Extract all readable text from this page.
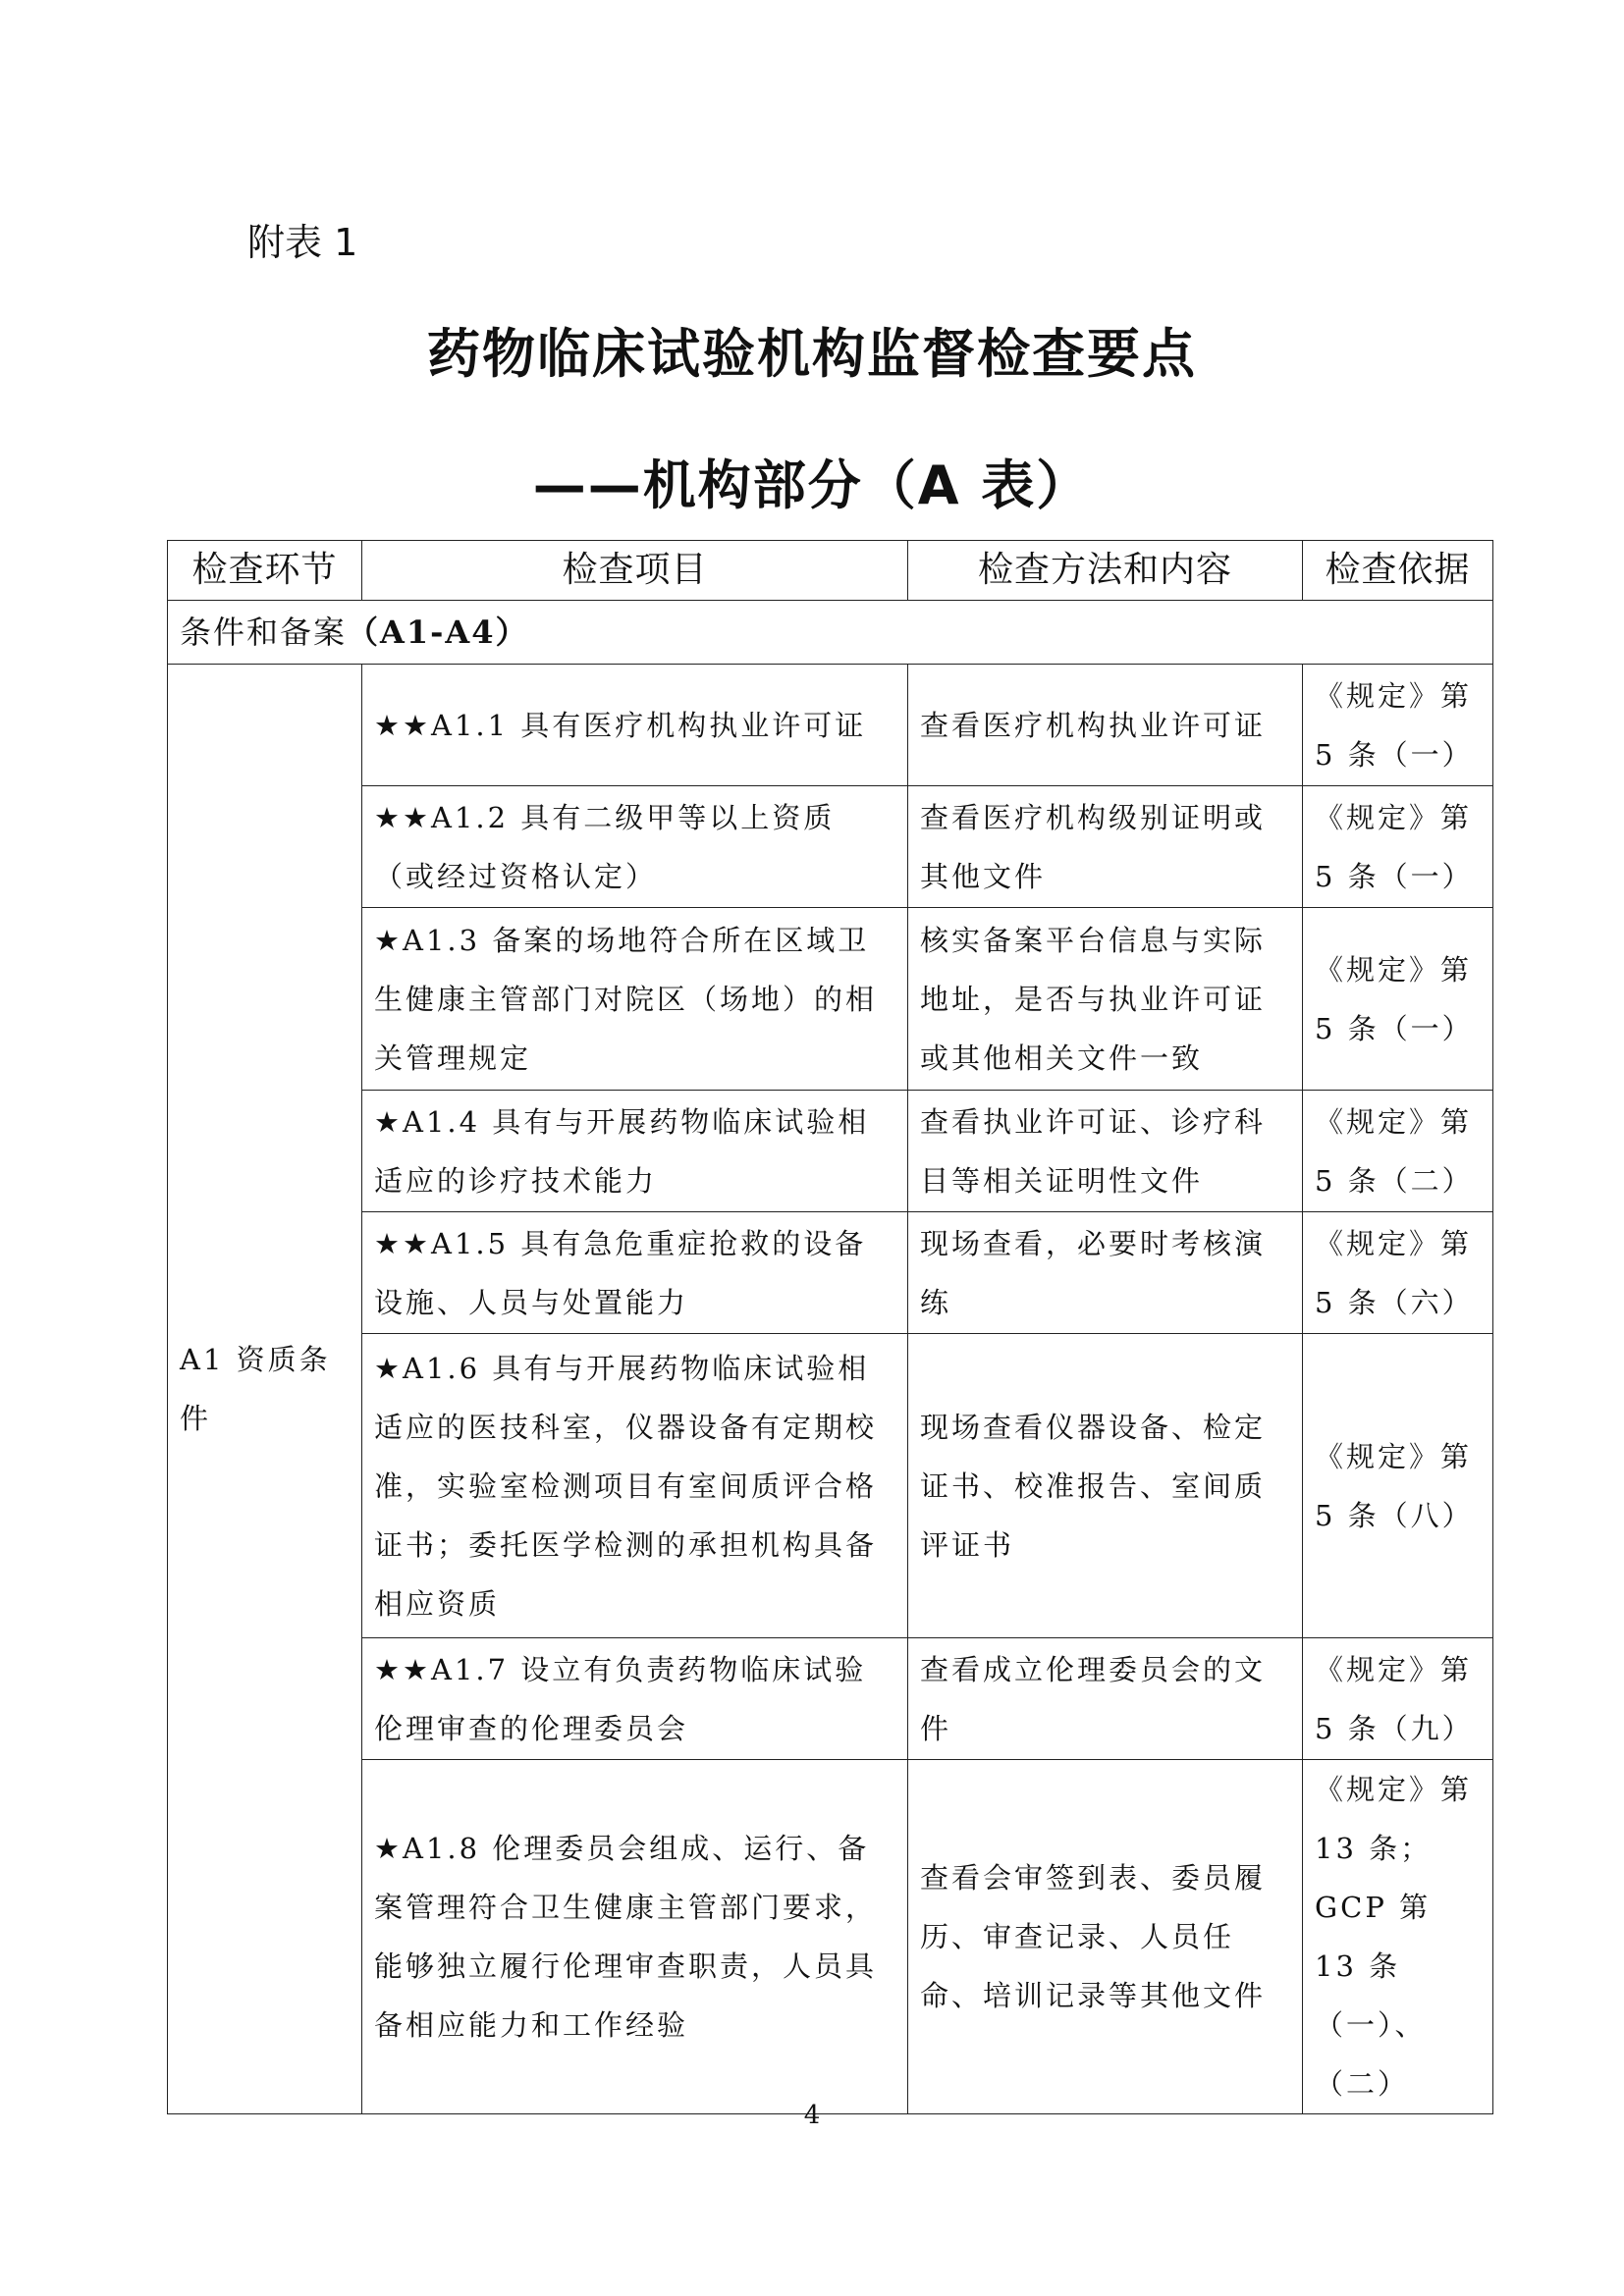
附表 1
药物临床试验机构监督检查要点
——机构部分（A 表）
检查环节	检查项目	检查方法和内容	检查依据
条件和备案（A1-A4）			
A1 资质条件	★★A1.1 具有医疗机构执业许可证	查看医疗机构执业许可证	《规定》第 5 条（一）
	★★A1.2 具有二级甲等以上资质（或经过资格认定）	查看医疗机构级别证明或其他文件	《规定》第 5 条（一）
	★A1.3 备案的场地符合所在区域卫生健康主管部门对院区（场地）的相关管理规定	核实备案平台信息与实际地址，是否与执业许可证或其他相关文件一致	《规定》第 5 条（一）
	★A1.4 具有与开展药物临床试验相适应的诊疗技术能力	查看执业许可证、诊疗科目等相关证明性文件	《规定》第 5 条（二）
	★★A1.5 具有急危重症抢救的设备设施、人员与处置能力	现场查看，必要时考核演练	《规定》第 5 条（六）
	★A1.6 具有与开展药物临床试验相适应的医技科室，仪器设备有定期校准，实验室检测项目有室间质评合格证书；委托医学检测的承担机构具备相应资质	现场查看仪器设备、检定证书、校准报告、室间质评证书	《规定》第 5 条（八）
	★★A1.7 设立有负责药物临床试验伦理审查的伦理委员会	查看成立伦理委员会的文件	《规定》第 5 条（九）
	★A1.8 伦理委员会组成、运行、备案管理符合卫生健康主管部门要求，能够独立履行伦理审查职责，人员具备相应能力和工作经验	查看会审签到表、委员履历、审查记录、人员任命、培训记录等其他文件	《规定》第 13 条；GCP 第 13 条（一）、（二）
4
